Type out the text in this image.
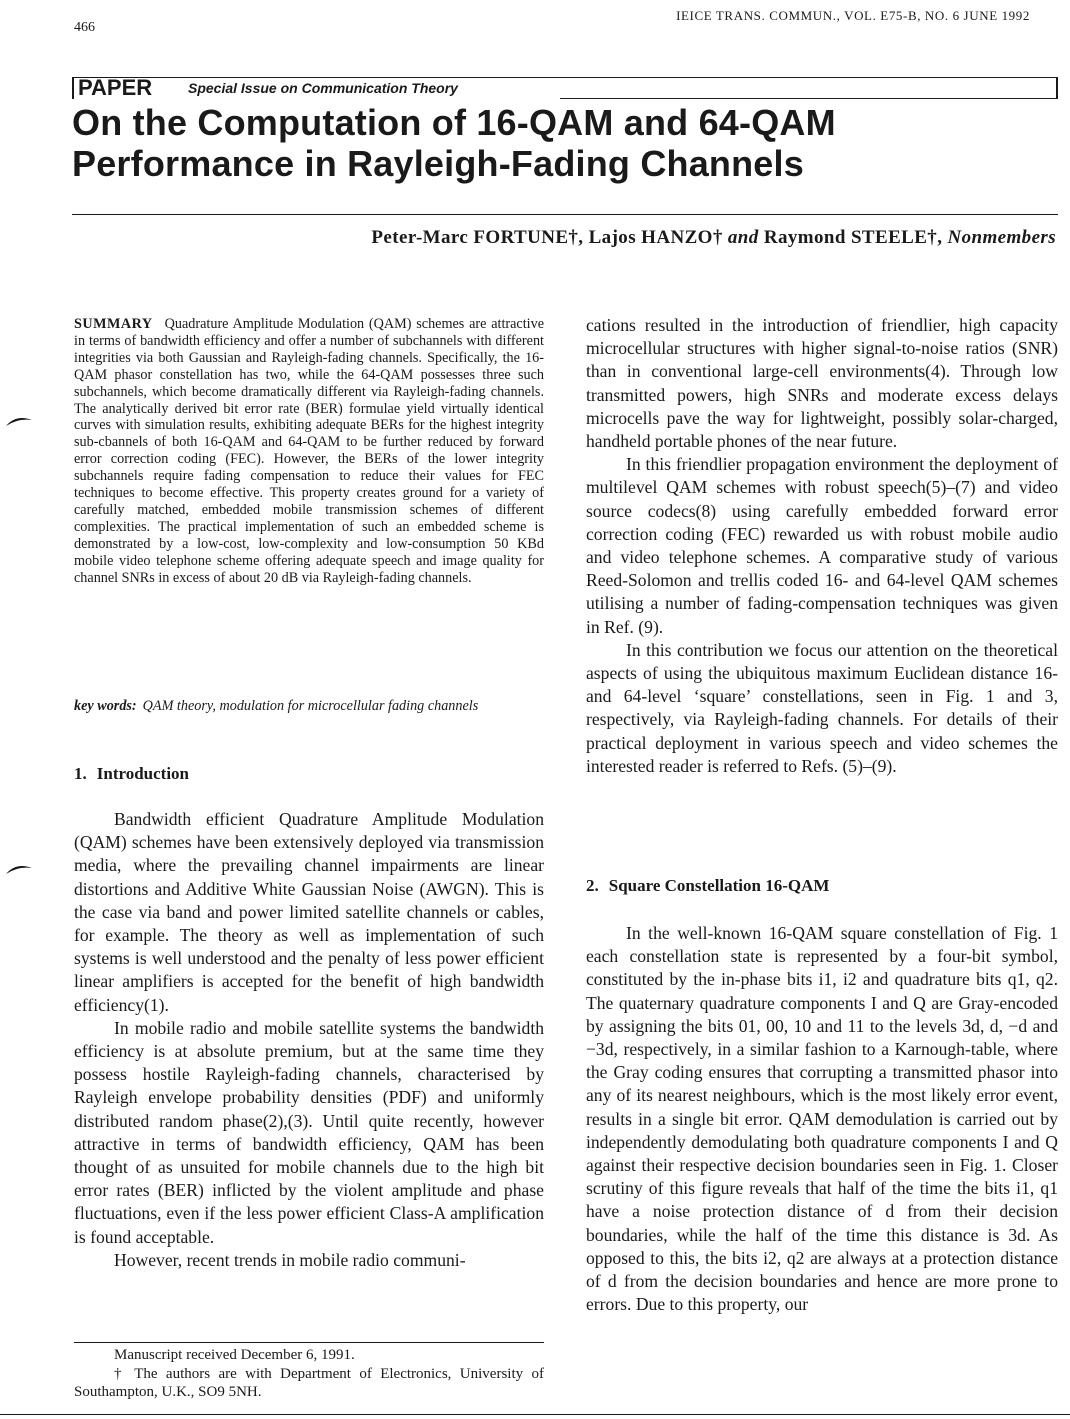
466
IEICE TRANS. COMMUN., VOL. E75-B, NO. 6 JUNE 1992
PAPER	Special Issue on Communication Theory
On the Computation of 16-QAM and 64-QAM
Performance in Rayleigh-Fading Channels
Peter-Marc FORTUNE†, Lajos HANZO† and Raymond STEELE†, Nonmembers
SUMMARY Quadrature Amplitude Modulation (QAM) schemes are attractive in terms of bandwidth efficiency and offer a number of subchannels with different integrities via both Gaussian and Rayleigh-fading channels. Specifically, the 16-QAM phasor constellation has two, while the 64-QAM possesses three such subchannels, which become dramatically different via Rayleigh-fading channels. The analytically derived bit error rate (BER) formulae yield virtually identical curves with simulation results, exhibiting adequate BERs for the highest integrity sub-cbannels of both 16-QAM and 64-QAM to be further reduced by forward error correction coding (FEC). However, the BERs of the lower integrity subchannels require fading compensation to reduce their values for FEC techniques to become effective. This property creates ground for a variety of carefully matched, embedded mobile transmission schemes of different complexities. The practical implementation of such an embedded scheme is demonstrated by a low-cost, low-complexity and low-consumption 50 KBd mobile video telephone scheme offering adequate speech and image quality for channel SNRs in excess of about 20 dB via Rayleigh-fading channels.
key words: QAM theory, modulation for microcellular fading channels
1. Introduction

Bandwidth efficient Quadrature Amplitude Modulation (QAM) schemes have been extensively deployed via transmission media, where the prevailing channel impairments are linear distortions and Additive White Gaussian Noise (AWGN). This is the case via band and power limited satellite channels or cables, for example. The theory as well as implementation of such systems is well understood and the penalty of less power efficient linear amplifiers is accepted for the benefit of high bandwidth efficiency(1).

In mobile radio and mobile satellite systems the bandwidth efficiency is at absolute premium, but at the same time they possess hostile Rayleigh-fading channels, characterised by Rayleigh envelope probability densities (PDF) and uniformly distributed random phase(2),(3). Until quite recently, however attractive in terms of bandwidth efficiency, QAM has been thought of as unsuited for mobile channels due to the high bit error rates (BER) inflicted by the violent amplitude and phase fluctuations, even if the less power efficient Class-A amplification is found acceptable.

However, recent trends in mobile radio communi-

Manuscript received December 6, 1991.

† The authors are with Department of Electronics, University of Southampton, U.K., SO9 5NH.

cations resulted in the introduction of friendlier, high capacity microcellular structures with higher signal-to-noise ratios (SNR) than in conventional large-cell environments(4). Through low transmitted powers, high SNRs and moderate excess delays microcells pave the way for lightweight, possibly solar-charged, handheld portable phones of the near future.

In this friendlier propagation environment the deployment of multilevel QAM schemes with robust speech(5)–(7) and video source codecs(8) using carefully embedded forward error correction coding (FEC) rewarded us with robust mobile audio and video telephone schemes. A comparative study of various Reed-Solomon and trellis coded 16- and 64-level QAM schemes utilising a number of fading-compensation techniques was given in Ref. (9).

In this contribution we focus our attention on the theoretical aspects of using the ubiquitous maximum Euclidean distance 16- and 64-level ‘square’ constellations, seen in Fig. 1 and 3, respectively, via Rayleigh-fading channels. For details of their practical deployment in various speech and video schemes the interested reader is referred to Refs. (5)–(9).

2. Square Constellation 16-QAM

In the well-known 16-QAM square constellation of Fig. 1 each constellation state is represented by a four-bit symbol, constituted by the in-phase bits i1, i2 and quadrature bits q1, q2. The quaternary quadrature components I and Q are Gray-encoded by assigning the bits 01, 00, 10 and 11 to the levels 3d, d, −d and −3d, respectively, in a similar fashion to a Karnough-table, where the Gray coding ensures that corrupting a transmitted phasor into any of its nearest neighbours, which is the most likely error event, results in a single bit error. QAM demodulation is carried out by independently demodulating both quadrature components I and Q against their respective decision boundaries seen in Fig. 1. Closer scrutiny of this figure reveals that half of the time the bits i1, q1 have a noise protection distance of d from their decision boundaries, while the half of the time this distance is 3d. As opposed to this, the bits i2, q2 are always at a protection distance of d from the decision boundaries and hence are more prone to errors. Due to this property, our
